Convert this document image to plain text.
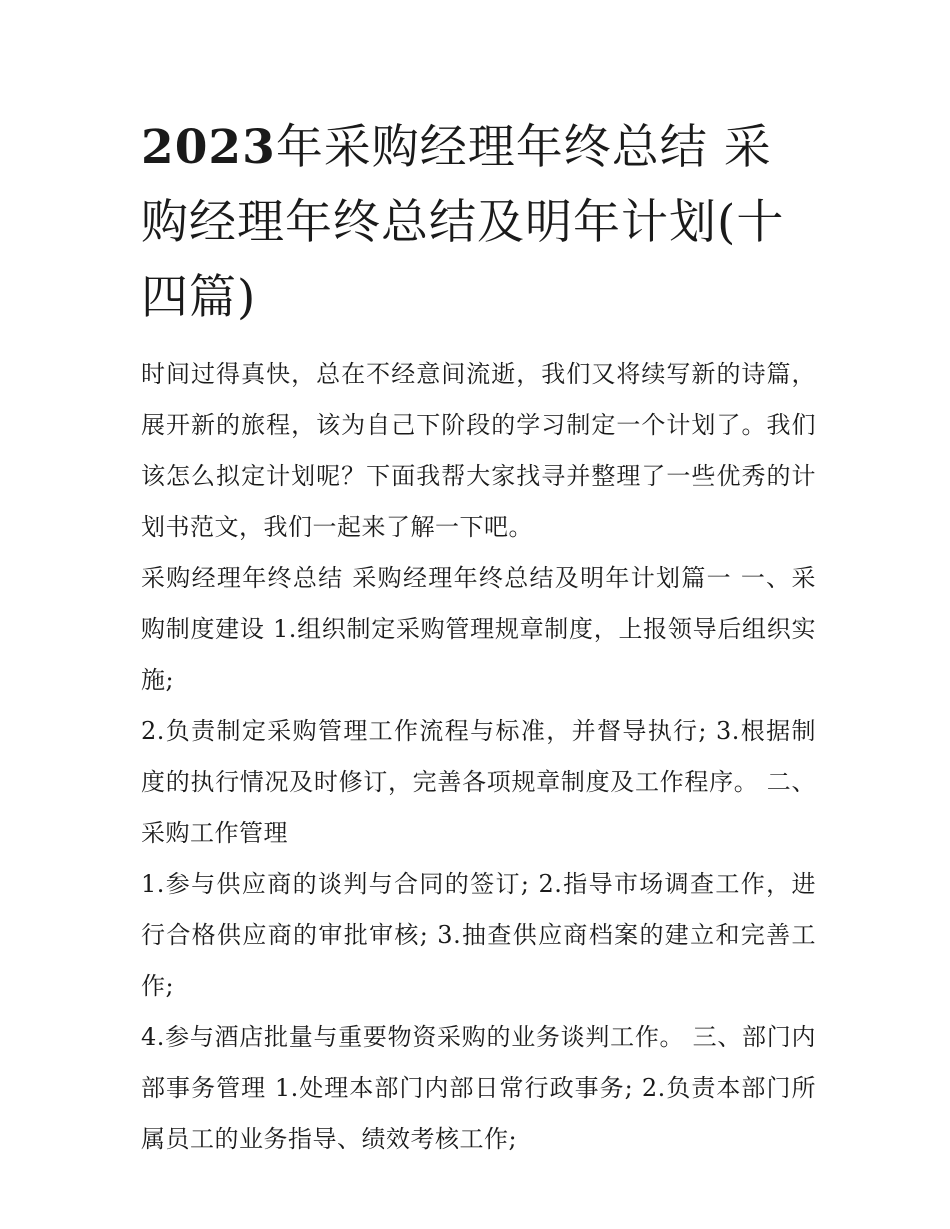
2023年采购经理年终总结 采购经理年终总结及明年计划(十四篇)

时间过得真快，总在不经意间流逝，我们又将续写新的诗篇，展开新的旅程，该为自己下阶段的学习制定一个计划了。我们该怎么拟定计划呢？下面我帮大家找寻并整理了一些优秀的计划书范文，我们一起来了解一下吧。

采购经理年终总结 采购经理年终总结及明年计划篇一 一、采购制度建设 1.组织制定采购管理规章制度，上报领导后组织实施;

2.负责制定采购管理工作流程与标准，并督导执行; 3.根据制度的执行情况及时修订，完善各项规章制度及工作程序。 二、采购工作管理

1.参与供应商的谈判与合同的签订; 2.指导市场调查工作，进行合格供应商的审批审核; 3.抽查供应商档案的建立和完善工作;

4.参与酒店批量与重要物资采购的业务谈判工作。 三、部门内部事务管理 1.处理本部门内部日常行政事务; 2.负责本部门所属员工的业务指导、绩效考核工作;
